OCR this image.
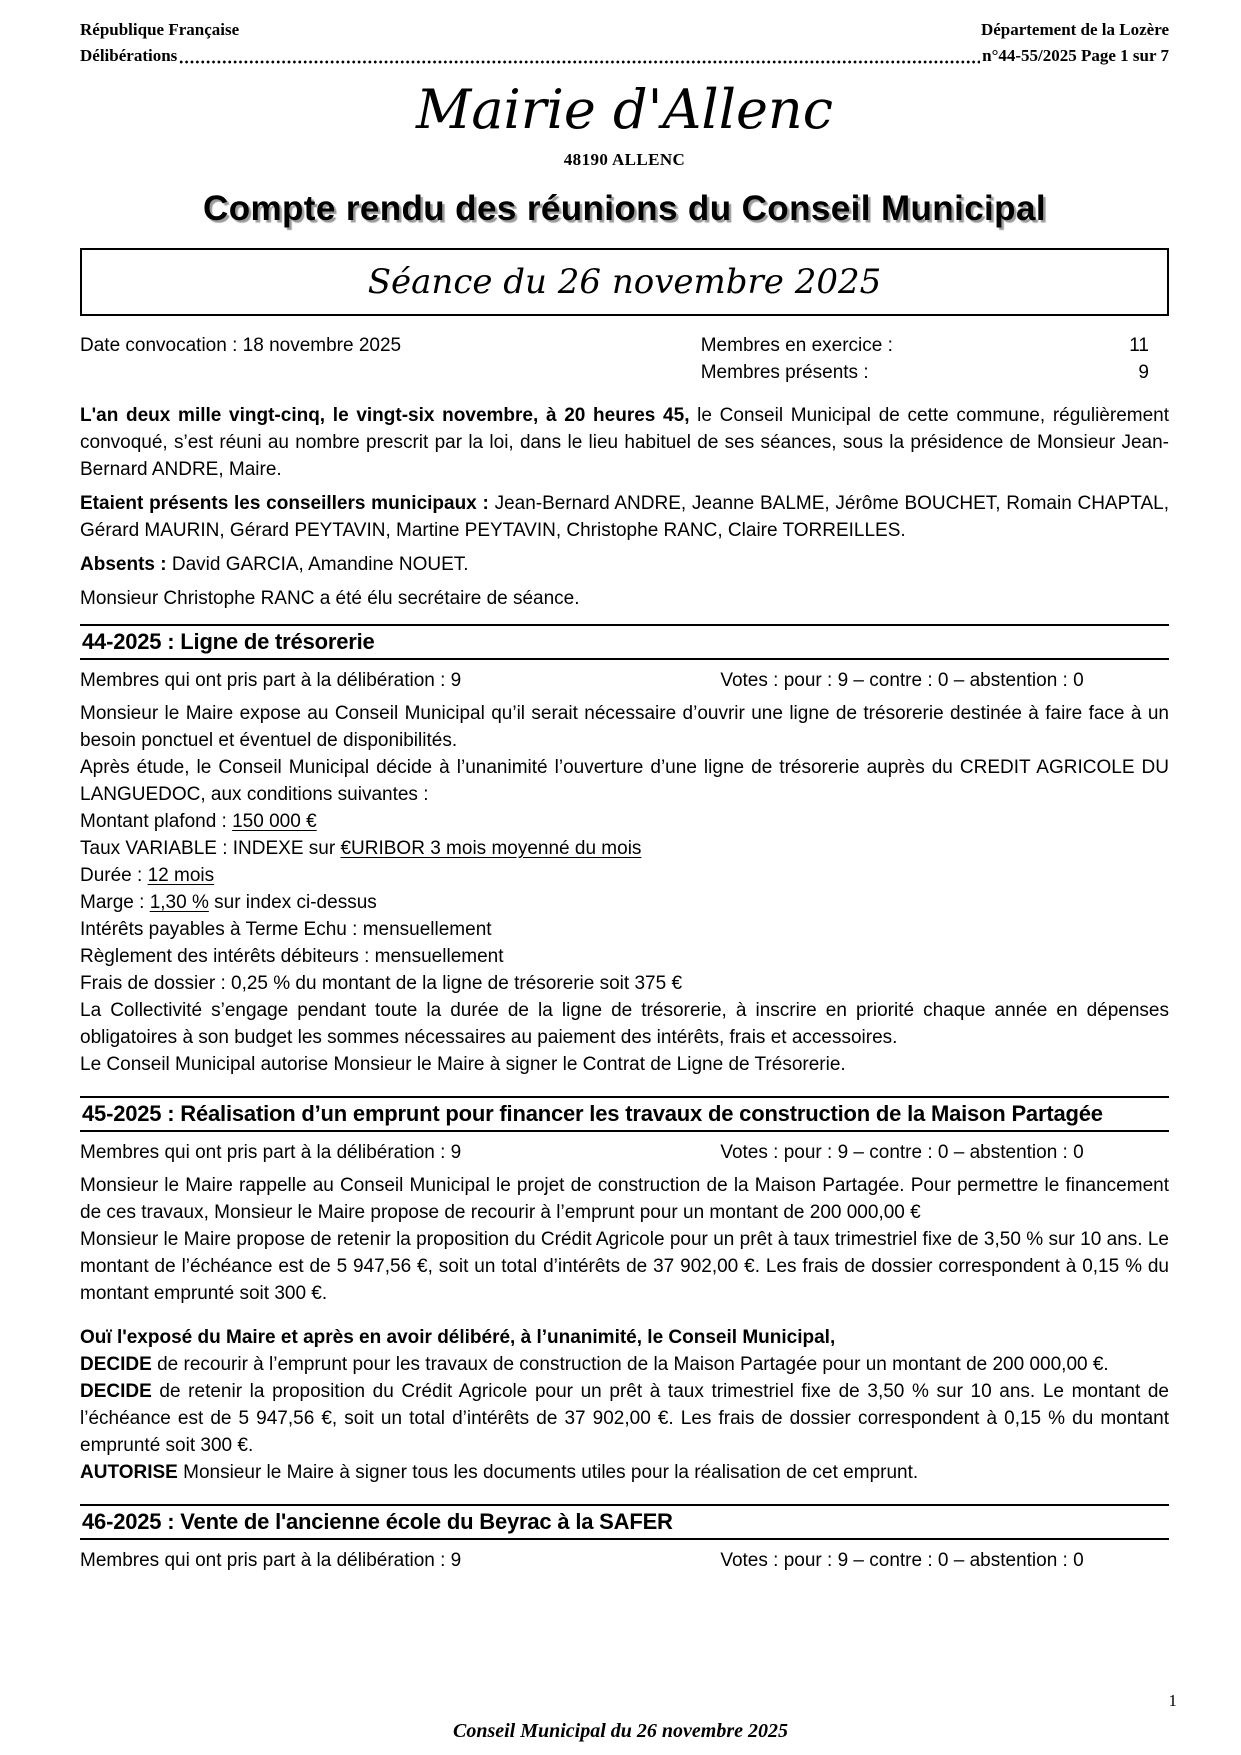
République Française	Département de la Lozère
Délibérations	n°44-55/2025 Page 1 sur 7
Mairie d'Allenc
48190 ALLENC
Compte rendu des réunions du Conseil Municipal
Séance du 26 novembre 2025
Date convocation : 18 novembre 2025	Membres en exercice :	11
Membres présents :	9

L'an deux mille vingt-cinq, le vingt-six novembre, à 20 heures 45, le Conseil Municipal de cette commune, régulièrement convoqué, s’est réuni au nombre prescrit par la loi, dans le lieu habituel de ses séances, sous la présidence de Monsieur Jean-Bernard ANDRE, Maire.

Etaient présents les conseillers municipaux : Jean-Bernard ANDRE, Jeanne BALME, Jérôme BOUCHET, Romain CHAPTAL, Gérard MAURIN, Gérard PEYTAVIN, Martine PEYTAVIN, Christophe RANC, Claire TORREILLES.

Absents : David GARCIA, Amandine NOUET.

Monsieur Christophe RANC a été élu secrétaire de séance.

44-2025 : Ligne de trésorerie
Membres qui ont pris part à la délibération : 9	Votes : pour : 9 – contre : 0 – abstention : 0

Monsieur le Maire expose au Conseil Municipal qu’il serait nécessaire d’ouvrir une ligne de trésorerie destinée à faire face à un besoin ponctuel et éventuel de disponibilités.

Après étude, le Conseil Municipal décide à l’unanimité l’ouverture d’une ligne de trésorerie auprès du CREDIT AGRICOLE DU LANGUEDOC, aux conditions suivantes :

Montant plafond : 150 000 €

Taux VARIABLE : INDEXE sur €URIBOR 3 mois moyenné du mois

Durée : 12 mois

Marge : 1,30 % sur index ci-dessus

Intérêts payables à Terme Echu : mensuellement

Règlement des intérêts débiteurs : mensuellement

Frais de dossier : 0,25 % du montant de la ligne de trésorerie soit 375 €

La Collectivité s’engage pendant toute la durée de la ligne de trésorerie, à inscrire en priorité chaque année en dépenses obligatoires à son budget les sommes nécessaires au paiement des intérêts, frais et accessoires.

Le Conseil Municipal autorise Monsieur le Maire à signer le Contrat de Ligne de Trésorerie.

45-2025 : Réalisation d’un emprunt pour financer les travaux de construction de la Maison Partagée
Membres qui ont pris part à la délibération : 9	Votes : pour : 9 – contre : 0 – abstention : 0

Monsieur le Maire rappelle au Conseil Municipal le projet de construction de la Maison Partagée. Pour permettre le financement de ces travaux, Monsieur le Maire propose de recourir à l’emprunt pour un montant de 200 000,00 €

Monsieur le Maire propose de retenir la proposition du Crédit Agricole pour un prêt à taux trimestriel fixe de 3,50 % sur 10 ans. Le montant de l’échéance est de 5 947,56 €, soit un total d’intérêts de 37 902,00 €. Les frais de dossier correspondent à 0,15 % du montant emprunté soit 300 €.

Ouï l'exposé du Maire et après en avoir délibéré, à l’unanimité, le Conseil Municipal,

DECIDE de recourir à l’emprunt pour les travaux de construction de la Maison Partagée pour un montant de 200 000,00 €.

DECIDE de retenir la proposition du Crédit Agricole pour un prêt à taux trimestriel fixe de 3,50 % sur 10 ans. Le montant de l’échéance est de 5 947,56 €, soit un total d’intérêts de 37 902,00 €. Les frais de dossier correspondent à 0,15 % du montant emprunté soit 300 €.

AUTORISE Monsieur le Maire à signer tous les documents utiles pour la réalisation de cet emprunt.

46-2025 : Vente de l'ancienne école du Beyrac à la SAFER
Membres qui ont pris part à la délibération : 9	Votes : pour : 9 – contre : 0 – abstention : 0
1
Conseil Municipal du 26 novembre 2025
